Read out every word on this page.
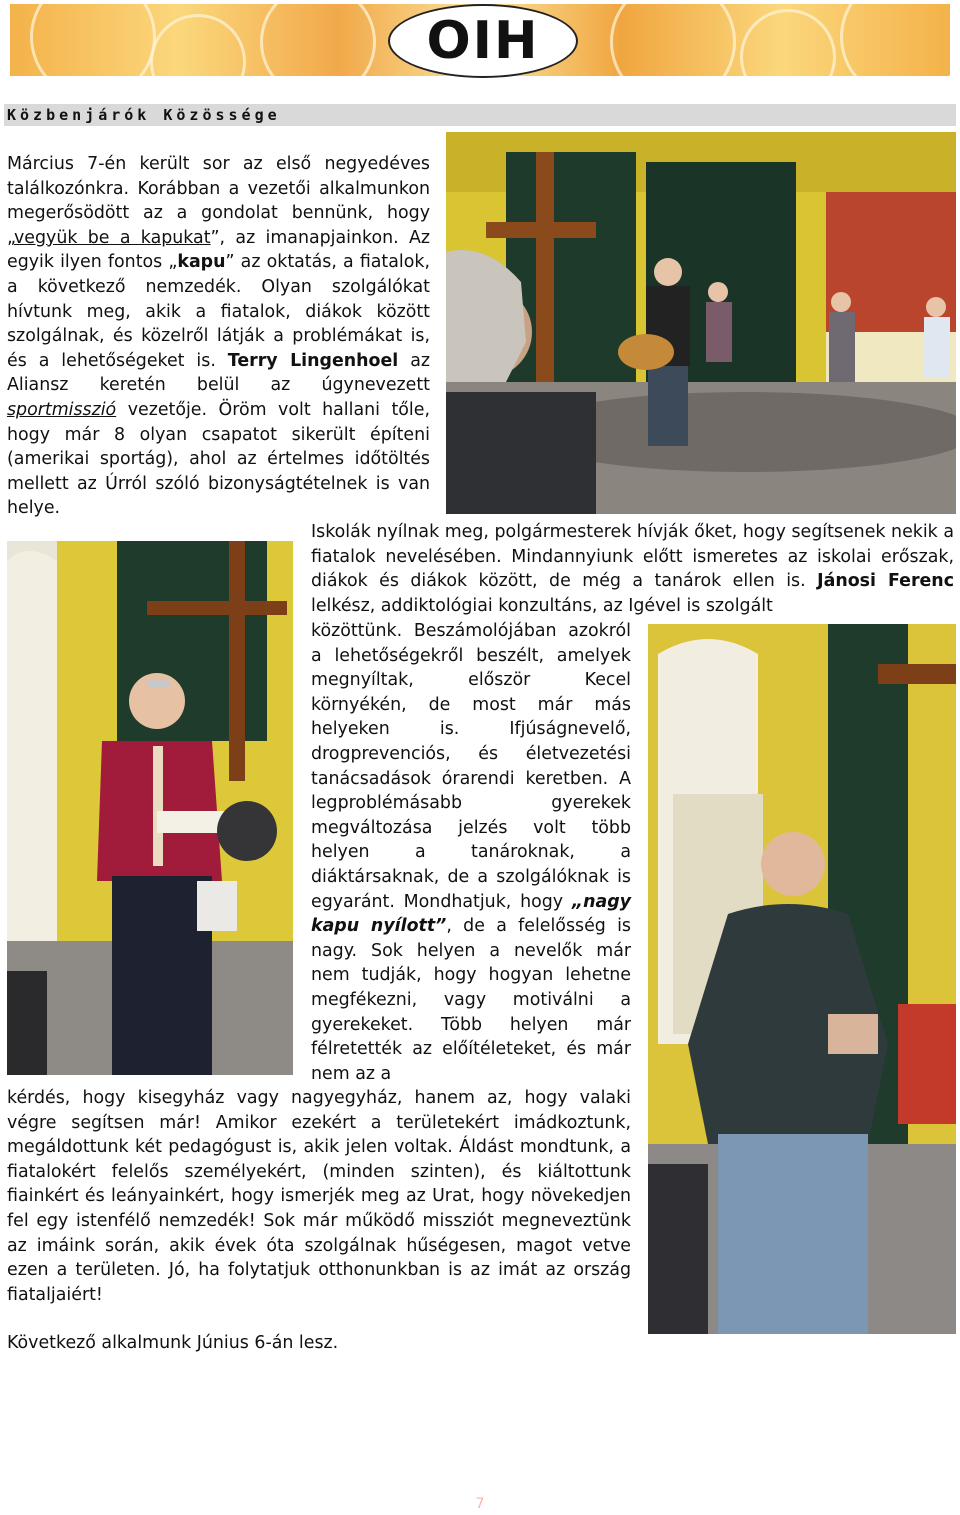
OIH
Közbenjárók Közössége

Március 7-én került sor az első negyedéves találkozónkra. Korábban a vezetői alkalmunkon megerősödött az a gondolat bennünk, hogy „vegyük be a kapukat”, az imanapjainkon. Az egyik ilyen fontos „kapu” az oktatás, a fiatalok, a következő nemzedék. Olyan szolgálókat hívtunk meg, akik a fiatalok, diákok között szolgálnak, és közelről látják a problémákat is, és a lehetőségeket is. Terry Lingenhoel az Aliansz keretén belül az úgynevezett sportmisszió vezetője. Öröm volt hallani tőle, hogy már 8 olyan csapatot sikerült építeni (amerikai sportág), ahol az értelmes időtöltés mellett az Úrról szóló bizonyságtételnek is van helye.

Iskolák nyílnak meg, polgármesterek hívják őket, hogy segítsenek nekik a fiatalok nevelésében. Mindannyiunk előtt ismeretes az iskolai erőszak, diákok és diákok között, de még a tanárok ellen is. Jánosi Ferenc lelkész, addiktológiai konzultáns, az Igével is szolgált

közöttünk. Beszámolójában azokról a lehetőségekről beszélt, amelyek megnyíltak, először Kecel környékén, de most már más helyeken is. Ifjúságnevelő, drogprevenciós, és életvezetési tanácsadások órarendi keretben. A legproblémásabb gyerekek megváltozása jelzés volt több helyen a tanároknak, a diáktársaknak, de a szolgálóknak is egyaránt. Mondhatjuk, hogy „nagy kapu nyílott”, de a felelősség is nagy. Sok helyen a nevelők már nem tudják, hogy hogyan lehetne megfékezni, vagy motiválni a gyerekeket. Több helyen már félretették az előítéleteket, és már nem az a

kérdés, hogy kisegyház vagy nagyegyház, hanem az, hogy valaki végre segítsen már! Amikor ezekért a területekért imádkoztunk, megáldottunk két pedagógust is, akik jelen voltak. Áldást mondtunk, a fiatalokért felelős személyekért, (minden szinten), és kiáltottunk fiainkért és leányainkért, hogy ismerjék meg az Urat, hogy növekedjen fel egy istenfélő nemzedék! Sok már működő missziót megneveztünk az imáink során, akik évek óta szolgálnak hűségesen, magot vetve ezen a területen. Jó, ha folytatjuk otthonunkban is az imát az ország fiataljaiért!

Következő alkalmunk Június 6-án lesz.

7
